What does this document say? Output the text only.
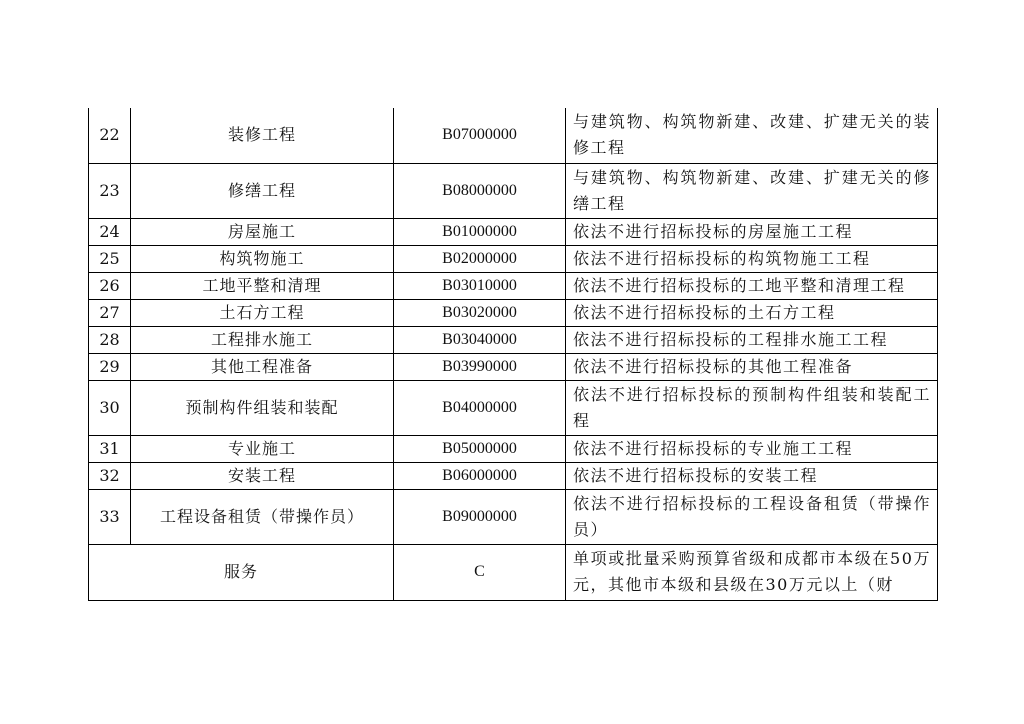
22	装修工程	B07000000	与建筑物、构筑物新建、改建、扩建无关的装修工程
23	修缮工程	B08000000	与建筑物、构筑物新建、改建、扩建无关的修缮工程
24	房屋施工	B01000000	依法不进行招标投标的房屋施工工程
25	构筑物施工	B02000000	依法不进行招标投标的构筑物施工工程
26	工地平整和清理	B03010000	依法不进行招标投标的工地平整和清理工程
27	土石方工程	B03020000	依法不进行招标投标的土石方工程
28	工程排水施工	B03040000	依法不进行招标投标的工程排水施工工程
29	其他工程准备	B03990000	依法不进行招标投标的其他工程准备
30	预制构件组装和装配	B04000000	依法不进行招标投标的预制构件组装和装配工程
31	专业施工	B05000000	依法不进行招标投标的专业施工工程
32	安装工程	B06000000	依法不进行招标投标的安装工程
33	工程设备租赁（带操作员）	B09000000	依法不进行招标投标的工程设备租赁（带操作员）
服务		C	单项或批量采购预算省级和成都市本级在50万元，其他市本级和县级在30万元以上（财
